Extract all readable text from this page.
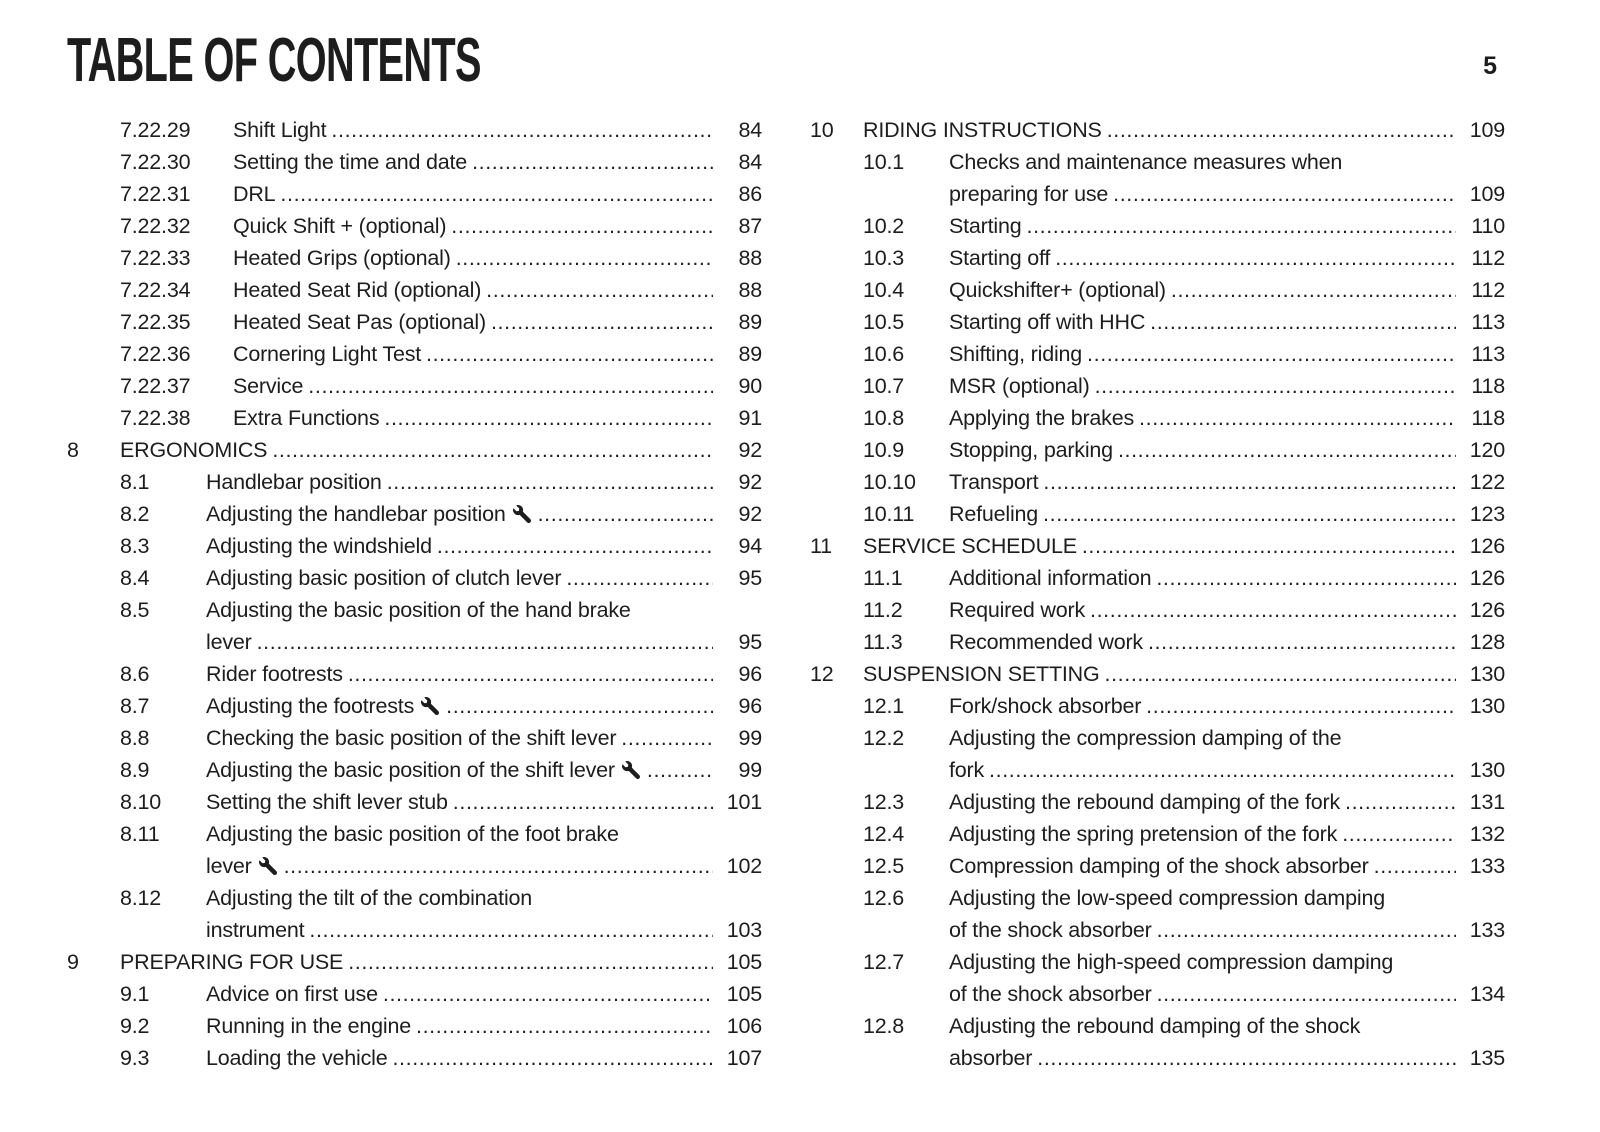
TABLE OF CONTENTS	5
7.22.29	Shift Light .....	84
7.22.30	Setting the time and date .....	84
7.22.31	DRL .....	86
7.22.32	Quick Shift + (optional) .....	87
7.22.33	Heated Grips (optional) .....	88
7.22.34	Heated Seat Rid (optional) .....	88
7.22.35	Heated Seat Pas (optional) .....	89
7.22.36	Cornering Light Test .....	89
7.22.37	Service .....	90
7.22.38	Extra Functions .....	91
8	ERGONOMICS .....	92
8.1	Handlebar position .....	92
8.2	Adjusting the handlebar position .....	92
8.3	Adjusting the windshield .....	94
8.4	Adjusting basic position of clutch lever .....	95
8.5	Adjusting the basic position of the hand brake
lever .....	95
8.6	Rider footrests .....	96
8.7	Adjusting the footrests .....	96
8.8	Checking the basic position of the shift lever .....	99
8.9	Adjusting the basic position of the shift lever .....	99
8.10	Setting the shift lever stub .....	101
8.11	Adjusting the basic position of the foot brake
lever .....	102
8.12	Adjusting the tilt of the combination
instrument .....	103
9	PREPARING FOR USE .....	105
9.1	Advice on first use .....	105
9.2	Running in the engine .....	106
9.3	Loading the vehicle .....	107
10	RIDING INSTRUCTIONS .....	109
10.1	Checks and maintenance measures when
preparing for use .....	109
10.2	Starting .....	110
10.3	Starting off .....	112
10.4	Quickshifter+ (optional) .....	112
10.5	Starting off with HHC .....	113
10.6	Shifting, riding .....	113
10.7	MSR (optional) .....	118
10.8	Applying the brakes .....	118
10.9	Stopping, parking .....	120
10.10	Transport .....	122
10.11	Refueling .....	123
11	SERVICE SCHEDULE .....	126
11.1	Additional information .....	126
11.2	Required work .....	126
11.3	Recommended work .....	128
12	SUSPENSION SETTING .....	130
12.1	Fork/shock absorber .....	130
12.2	Adjusting the compression damping of the
fork .....	130
12.3	Adjusting the rebound damping of the fork .....	131
12.4	Adjusting the spring pretension of the fork .....	132
12.5	Compression damping of the shock absorber .....	133
12.6	Adjusting the low-speed compression damping
of the shock absorber .....	133
12.7	Adjusting the high-speed compression damping
of the shock absorber .....	134
12.8	Adjusting the rebound damping of the shock
absorber .....	135
